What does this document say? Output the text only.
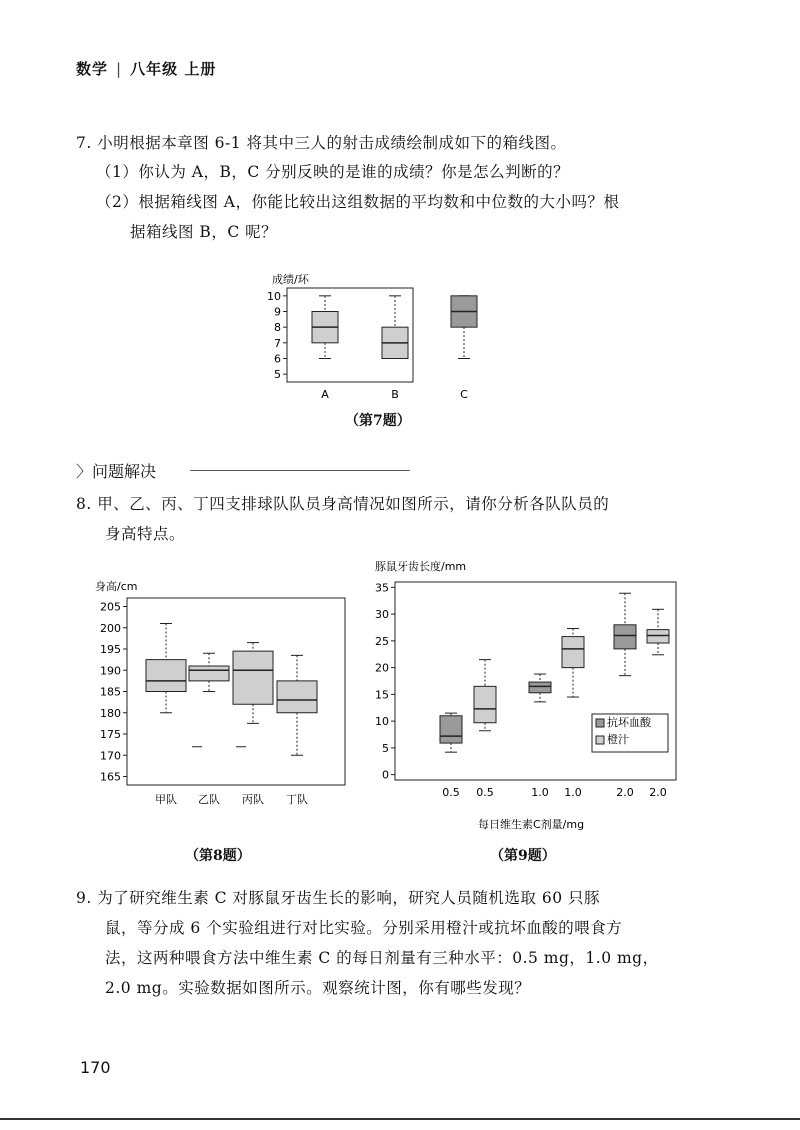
数学 | 八年级 上册
7. 小明根据本章图 6-1 将其中三人的射击成绩绘制成如下的箱线图。
（1）你认为 A，B，C 分别反映的是谁的成绩？你是怎么判断的？
（2）根据箱线图 A，你能比较出这组数据的平均数和中位数的大小吗？根
据箱线图 B，C 呢？
（第7题）
〉问题解决
8. 甲、乙、丙、丁四支排球队队员身高情况如图所示，请你分析各队队员的
身高特点。
（第8题）	（第9题）
9. 为了研究维生素 C 对豚鼠牙齿生长的影响，研究人员随机选取 60 只豚
鼠，等分成 6 个实验组进行对比实验。分别采用橙汁或抗坏血酸的喂食方
法，这两种喂食方法中维生素 C 的每日剂量有三种水平：0.5 mg，1.0 mg，
2.0 mg。实验数据如图所示。观察统计图，你有哪些发现？
170
成绩/环
5
6
7
8
9
10
A	B	C
身高/cm
165
170
175
180
185
190
195
200
205
甲队 乙队 丙队 丁队
豚鼠牙齿长度/mm
0
5
10
15
20
25
30
35
0.5 0.5	1.0 1.0	2.0 2.0
每日维生素C剂量/mg
抗坏血酸
橙汁
